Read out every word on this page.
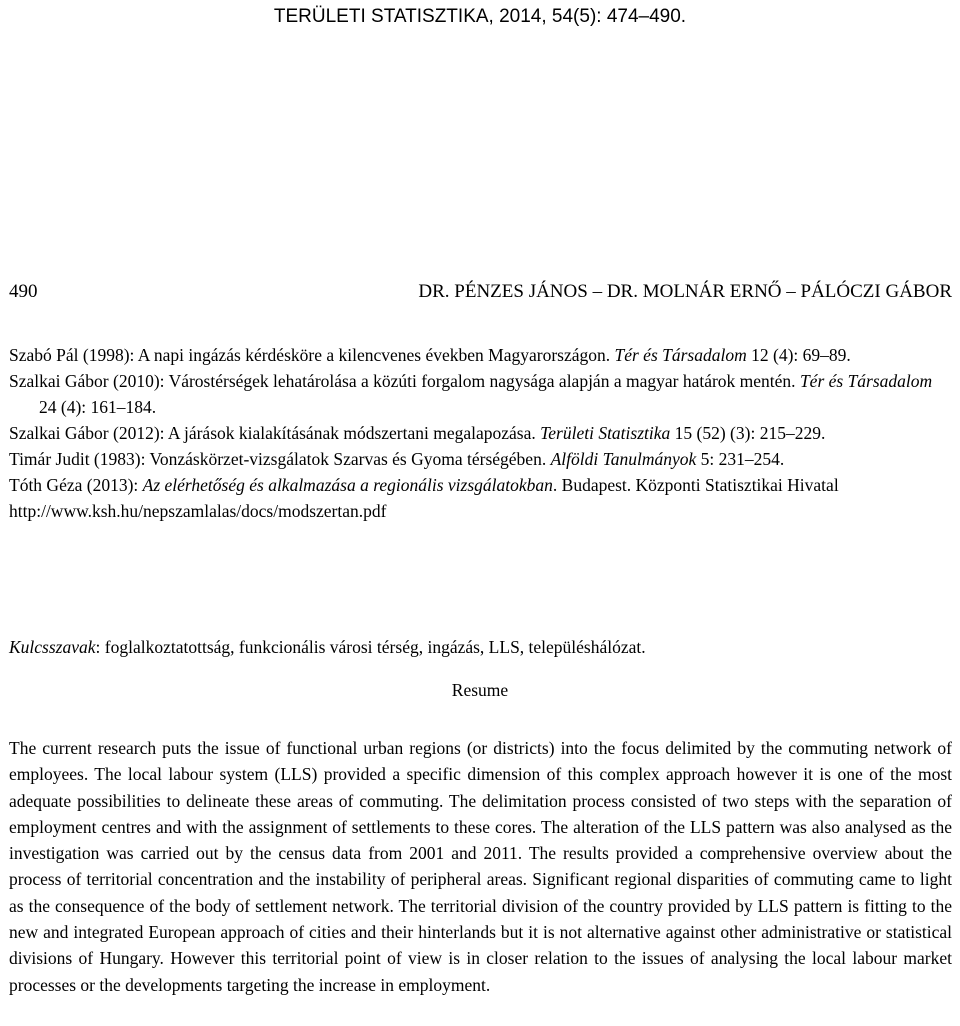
TERÜLETI STATISZTIKA, 2014, 54(5): 474–490.
490	DR. PÉNZES JÁNOS – DR. MOLNÁR ERNŐ – PÁLÓCZI GÁBOR
Szabó Pál (1998): A napi ingázás kérdésköre a kilencvenes években Magyarországon. Tér és Társadalom 12 (4): 69–89.
Szalkai Gábor (2010): Várostérségek lehatárolása a közúti forgalom nagysága alapján a magyar határok mentén. Tér és Társadalom 24 (4): 161–184.
Szalkai Gábor (2012): A járások kialakításának módszertani megalapozása. Területi Statisztika 15 (52) (3): 215–229.
Timár Judit (1983): Vonzáskörzet-vizsgálatok Szarvas és Gyoma térségében. Alföldi Tanulmányok 5: 231–254.
Tóth Géza (2013): Az elérhetőség és alkalmazása a regionális vizsgálatokban. Budapest. Központi Statisztikai Hivatal
http://www.ksh.hu/nepszamlalas/docs/modszertan.pdf
Kulcsszavak: foglalkoztatottság, funkcionális városi térség, ingázás, LLS, településhálózat.
Resume

The current research puts the issue of functional urban regions (or districts) into the focus delimited by the commuting network of employees. The local labour system (LLS) provided a specific dimension of this complex approach however it is one of the most adequate possibilities to delineate these areas of commuting. The delimitation process consisted of two steps with the separation of employment centres and with the assignment of settlements to these cores. The alteration of the LLS pattern was also analysed as the investigation was carried out by the census data from 2001 and 2011. The results provided a comprehensive overview about the process of territorial concentration and the instability of peripheral areas. Significant regional disparities of commuting came to light as the consequence of the body of settlement network. The territorial division of the country provided by LLS pattern is fitting to the new and integrated European approach of cities and their hinterlands but it is not alternative against other administrative or statistical divisions of Hungary. However this territorial point of view is in closer relation to the issues of analysing the local labour market processes or the developments targeting the increase in employment.
